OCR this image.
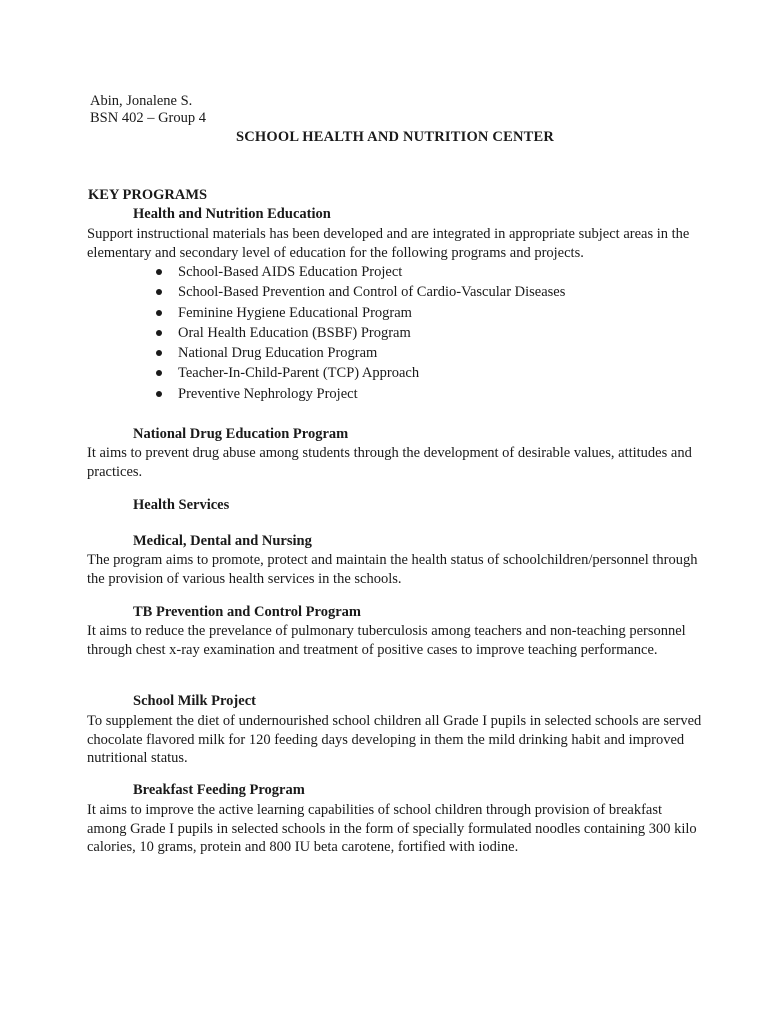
Abin, Jonalene S.
BSN 402 – Group 4
SCHOOL HEALTH AND NUTRITION CENTER
KEY PROGRAMS
Health and Nutrition Education
Support instructional materials has been developed and are integrated in appropriate subject areas in the elementary and secondary level of education for the following programs and projects.
School-Based AIDS Education Project
School-Based Prevention and Control of Cardio-Vascular Diseases
Feminine Hygiene Educational Program
Oral Health Education (BSBF) Program
National Drug Education Program
Teacher-In-Child-Parent (TCP) Approach
Preventive Nephrology Project
National Drug Education Program
It aims to prevent drug abuse among students through the development of desirable values, attitudes and practices.
Health Services
Medical, Dental and Nursing
The program aims to promote, protect and maintain the health status of schoolchildren/personnel through the provision of various health services in the schools.
TB Prevention and Control Program
It aims to reduce the prevelance of pulmonary tuberculosis among teachers and non-teaching personnel through chest x-ray examination and treatment of positive cases to improve teaching performance.
School Milk Project
To supplement the diet of undernourished school children all Grade I pupils in selected schools are served chocolate flavored milk for 120 feeding days developing in them the mild drinking habit and improved nutritional status.
Breakfast Feeding Program
It aims to improve the active learning capabilities of school children through provision of breakfast among Grade I pupils in selected schools in the form of specially formulated noodles containing 300 kilo calories, 10 grams, protein and 800 IU beta carotene, fortified with iodine.
